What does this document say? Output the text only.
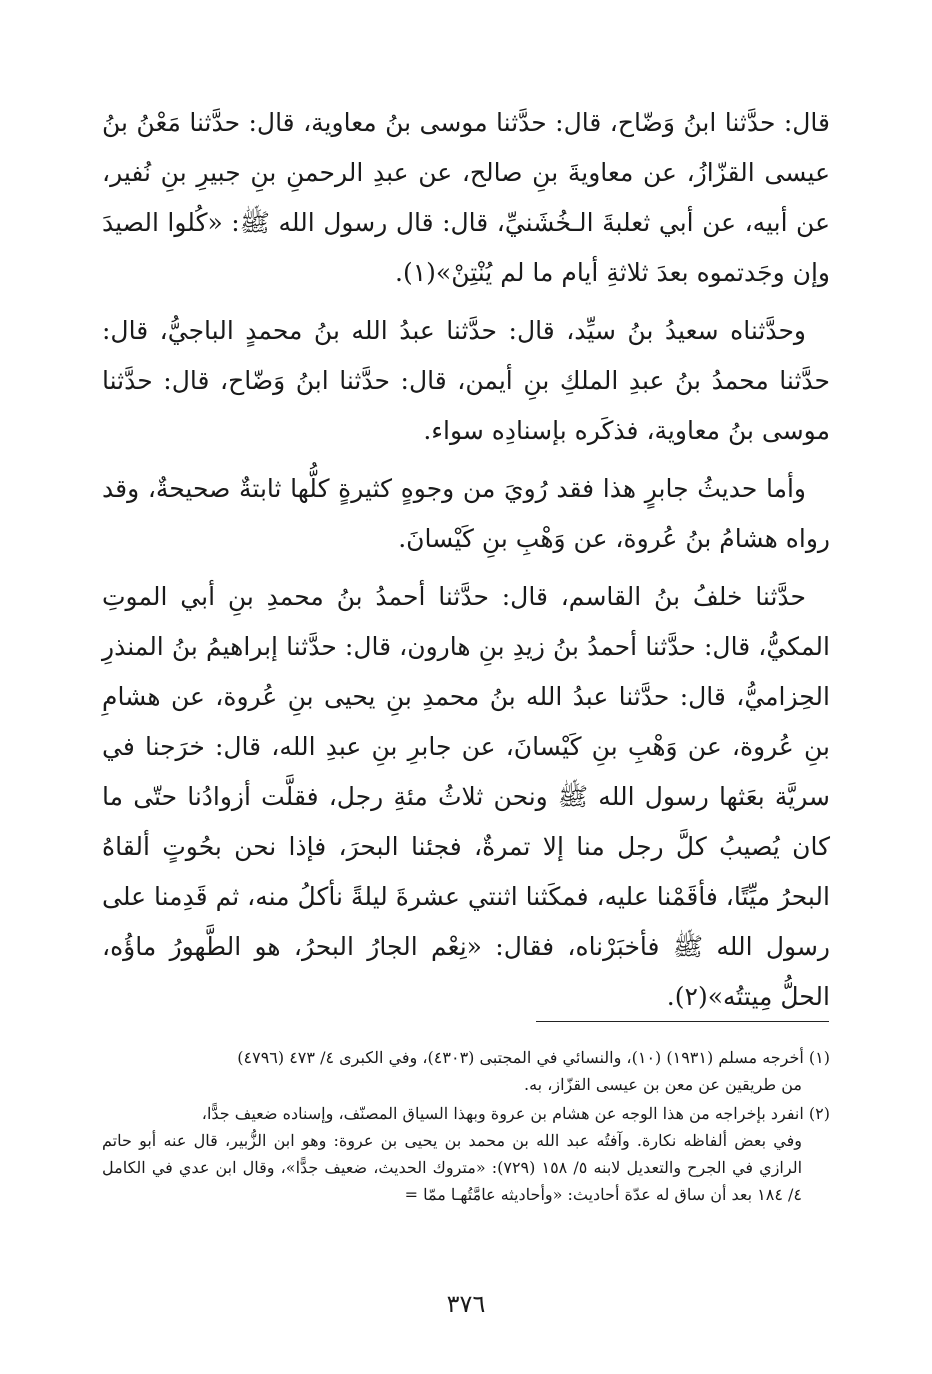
قال: حدَّثنا ابنُ وَضّاح، قال: حدَّثنا موسى بنُ معاوية، قال: حدَّثنا مَعْنُ بنُ عيسى القزّازُ، عن معاويةَ بنِ صالح، عن عبدِ الرحمنِ بنِ جبيرِ بنِ نُفير، عن أبيه، عن أبي ثعلبةَ الـخُشَنيِّ، قال: قال رسول الله ﷺ: «كُلوا الصيدَ وإن وجَدتموه بعدَ ثلاثةِ أيام ما لم يُنْتِنْ»(١).

وحدَّثناه سعيدُ بنُ سيِّد، قال: حدَّثنا عبدُ الله بنُ محمدٍ الباجيُّ، قال: حدَّثنا محمدُ بنُ عبدِ الملكِ بنِ أيمن، قال: حدَّثنا ابنُ وَضّاح، قال: حدَّثنا موسى بنُ معاوية، فذكَره بإسنادِه سواء.

وأما حديثُ جابرٍ هذا فقد رُويَ من وجوهٍ كثيرةٍ كلُّها ثابتةٌ صحيحةٌ، وقد رواه هشامُ بنُ عُروة، عن وَهْبِ بنِ كَيْسانَ.

حدَّثنا خلفُ بنُ القاسم، قال: حدَّثنا أحمدُ بنُ محمدِ بنِ أبي الموتِ المكيُّ، قال: حدَّثنا أحمدُ بنُ زيدِ بنِ هارون، قال: حدَّثنا إبراهيمُ بنُ المنذرِ الحِزاميُّ، قال: حدَّثنا عبدُ الله بنُ محمدِ بنِ يحيى بنِ عُروة، عن هشامِ بنِ عُروة، عن وَهْبِ بنِ كَيْسانَ، عن جابرِ بنِ عبدِ الله، قال: خرَجنا في سريَّة بعَثها رسول الله ﷺ ونحن ثلاثُ مئةِ رجل، فقلَّت أزوادُنا حتّى ما كان يُصيبُ كلَّ رجل منا إلا تمرةٌ، فجئنا البحرَ، فإذا نحن بحُوتٍ ألقاهُ البحرُ ميِّتًا، فأقَمْنا عليه، فمكَثنا اثنتي عشرةَ ليلةً نأكلُ منه، ثم قَدِمنا على رسول الله ﷺ فأخبَرْناه، فقال: «نِعْم الجارُ البحرُ، هو الطَّهورُ ماؤُه، الحلُّ مِيتتُه»(٢).

(١) أخرجه مسلم (١٩٣١) (١٠)، والنسائي في المجتبى (٤٣٠٣)، وفي الكبرى ٤/ ٤٧٣ (٤٧٩٦)
من طريقين عن معن بن عيسى القزّاز، به.
(٢) انفرد بإخراجه من هذا الوجه عن هشام بن عروة وبهذا السياق المصنّف، وإسناده ضعيف جدًّا،
وفي بعض ألفاظه نكارة. وآفتُه عبد الله بن محمد بن يحيى بن عروة: وهو ابن الزُّبير، قال عنه أبو حاتم الرازي في الجرح والتعديل لابنه ٥/ ١٥٨ (٧٢٩): «متروك الحديث، ضعيف جدًّا»، وقال ابن عدي في الكامل ٤/ ١٨٤ بعد أن ساق له عدّة أحاديث: «وأحاديثه عامَّتُهـا ممّا =
٣٧٦
